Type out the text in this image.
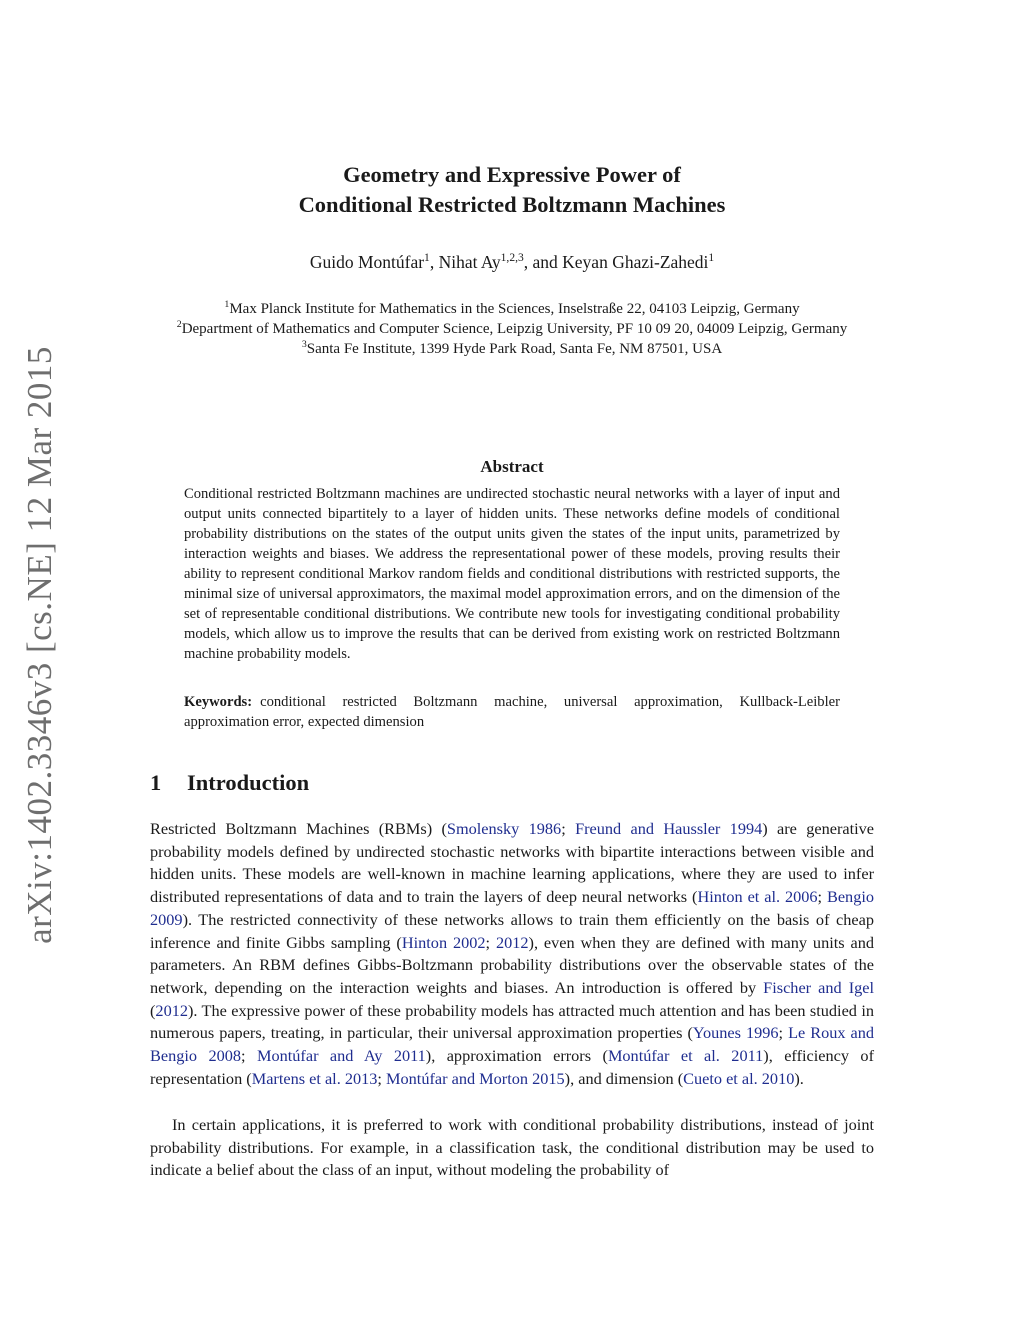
arXiv:1402.3346v3 [cs.NE] 12 Mar 2015
Geometry and Expressive Power of
Conditional Restricted Boltzmann Machines
Guido Montúfar$^1$, Nihat Ay$^{1,2,3}$, and Keyan Ghazi-Zahedi$^1$
$^1$Max Planck Institute for Mathematics in the Sciences, Inselstraße 22, 04103 Leipzig, Germany
$^2$Department of Mathematics and Computer Science, Leipzig University, PF 10 09 20, 04009 Leipzig, Germany
$^3$Santa Fe Institute, 1399 Hyde Park Road, Santa Fe, NM 87501, USA
Abstract

Conditional restricted Boltzmann machines are undirected stochastic neural networks with a layer of input and output units connected bipartitely to a layer of hidden units. These networks define models of conditional probability distributions on the states of the output units given the states of the input units, parametrized by interaction weights and biases. We address the representational power of these models, proving results their ability to represent conditional Markov random fields and conditional distributions with restricted supports, the minimal size of universal approximators, the maximal model approximation errors, and on the dimension of the set of representable conditional distributions. We contribute new tools for investigating conditional probability models, which allow us to improve the results that can be derived from existing work on restricted Boltzmann machine probability models.

Keywords: conditional restricted Boltzmann machine, universal approximation, Kullback-Leibler approximation error, expected dimension

1 Introduction

Restricted Boltzmann Machines (RBMs) (Smolensky 1986; Freund and Haussler 1994) are generative probability models defined by undirected stochastic networks with bipartite interactions between visible and hidden units. These models are well-known in machine learning applications, where they are used to infer distributed representations of data and to train the layers of deep neural networks (Hinton et al. 2006; Bengio 2009). The restricted connectivity of these networks allows to train them efficiently on the basis of cheap inference and finite Gibbs sampling (Hinton 2002; 2012), even when they are defined with many units and parameters. An RBM defines Gibbs-Boltzmann probability distributions over the observable states of the network, depending on the interaction weights and biases. An introduction is offered by Fischer and Igel (2012). The expressive power of these probability models has attracted much attention and has been studied in numerous papers, treating, in particular, their universal approximation properties (Younes 1996; Le Roux and Bengio 2008; Montúfar and Ay 2011), approximation errors (Montúfar et al. 2011), efficiency of representation (Martens et al. 2013; Montúfar and Morton 2015), and dimension (Cueto et al. 2010).

In certain applications, it is preferred to work with conditional probability distributions, instead of joint probability distributions. For example, in a classification task, the conditional distribution may be used to indicate a belief about the class of an input, without modeling the probability of
